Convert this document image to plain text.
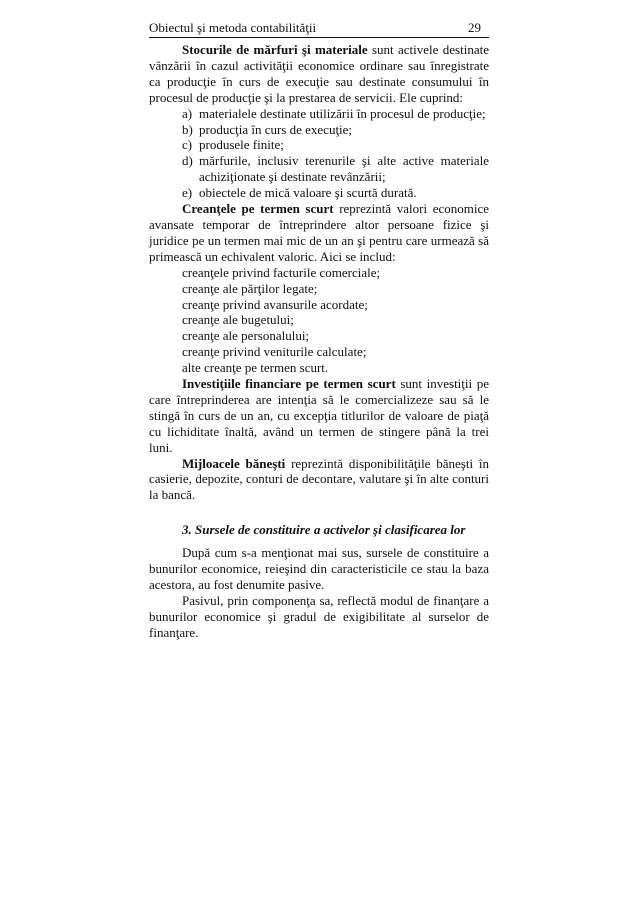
Obiectul şi metoda contabilităţii	29

Stocurile de mărfuri şi materiale sunt activele destinate vânzării în cazul activităţii economice ordinare sau înregistrate ca producţie în curs de execuţie sau destinate consumului în procesul de producţie şi la prestarea de servicii. Ele cuprind:

a) materialele destinate utilizării în procesul de producţie;
b) producţia în curs de execuţie;
c) produsele finite;
d) mărfurile, inclusiv terenurile şi alte active materiale achiziţionate şi destinate revânzării;
e) obiectele de mică valoare şi scurtă durată.

Creanţele pe termen scurt reprezintă valori economice avansate temporar de întreprindere altor persoane fizice şi juridice pe un termen mai mic de un an şi pentru care urmează să primească un echivalent valoric. Aici se includ:

creanţele privind facturile comerciale;
creanţe ale părţilor legate;
creanţe privind avansurile acordate;
creanţe ale bugetului;
creanţe ale personalului;
creanţe privind veniturile calculate;
alte creanţe pe termen scurt.

Investiţiile financiare pe termen scurt sunt investiţii pe care întreprinderea are intenţia să le comercializeze sau să le stingă în curs de un an, cu excepţia titlurilor de valoare de piaţă cu lichiditate înaltă, având un termen de stingere până la trei luni.

Mijloacele băneşti reprezintă disponibilităţile băneşti în casierie, depozite, conturi de decontare, valutare şi în alte conturi la bancă.

3. Sursele de constituire a activelor şi clasificarea lor

După cum s-a menţionat mai sus, sursele de constituire a bunurilor economice, reieşind din caracteristicile ce stau la baza acestora, au fost denumite pasive.

Pasivul, prin componenţa sa, reflectă modul de finanţare a bunurilor economice şi gradul de exigibilitate al surselor de finanţare.
